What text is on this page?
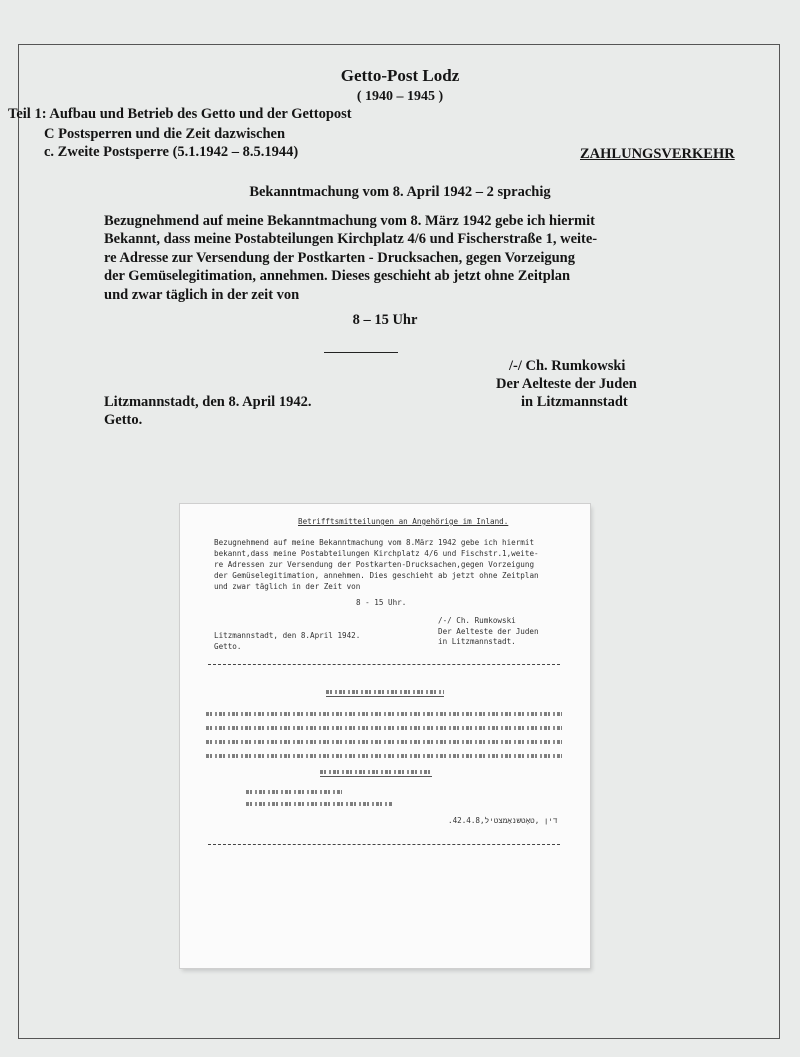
Getto-Post Lodz
( 1940 – 1945 )
Teil 1: Aufbau und Betrieb des Getto und der Gettopost
C Postsperren und die Zeit dazwischen
c. Zweite Postsperre (5.1.1942 – 8.5.1944)	ZAHLUNGSVERKEHR
Bekanntmachung vom 8. April 1942 – 2 sprachig

Bezugnehmend auf meine Bekanntmachung vom 8. März 1942 gebe ich hiermit

Bekannt, dass meine Postabteilungen Kirchplatz 4/6 und Fischerstraße 1, weite-

re Adresse zur Versendung der Postkarten - Drucksachen, gegen Vorzeigung

der Gemüselegitimation, annehmen. Dieses geschieht ab jetzt ohne Zeitplan

und zwar täglich in der zeit von

8 – 15 Uhr
/-/ Ch. Rumkowski
Der Aelteste der Juden
in Litzmannstadt
Litzmannstadt, den 8. April 1942.
Getto.
Betrifftsmitteilungen an Angehörige im Inland.
Bezugnehmend auf meine Bekanntmachung vom 8.März 1942 gebe ich hiermit
bekannt,dass meine Postabteilungen Kirchplatz 4/6 und Fischstr.1,weite-
re Adressen zur Versendung der Postkarten-Drucksachen,gegen Vorzeigung
der Gemüselegitimation, annehmen. Dies geschieht ab jetzt ohne Zeitplan
und zwar täglich in der Zeit von
8 - 15 Uhr.
/-/ Ch. Rumkowski
Der Aelteste der Juden
in Litzmannstadt.
Litzmannstadt, den 8.April 1942.
Getto.
.42.4.8,דין ,טאָטשנאַמצטיל
